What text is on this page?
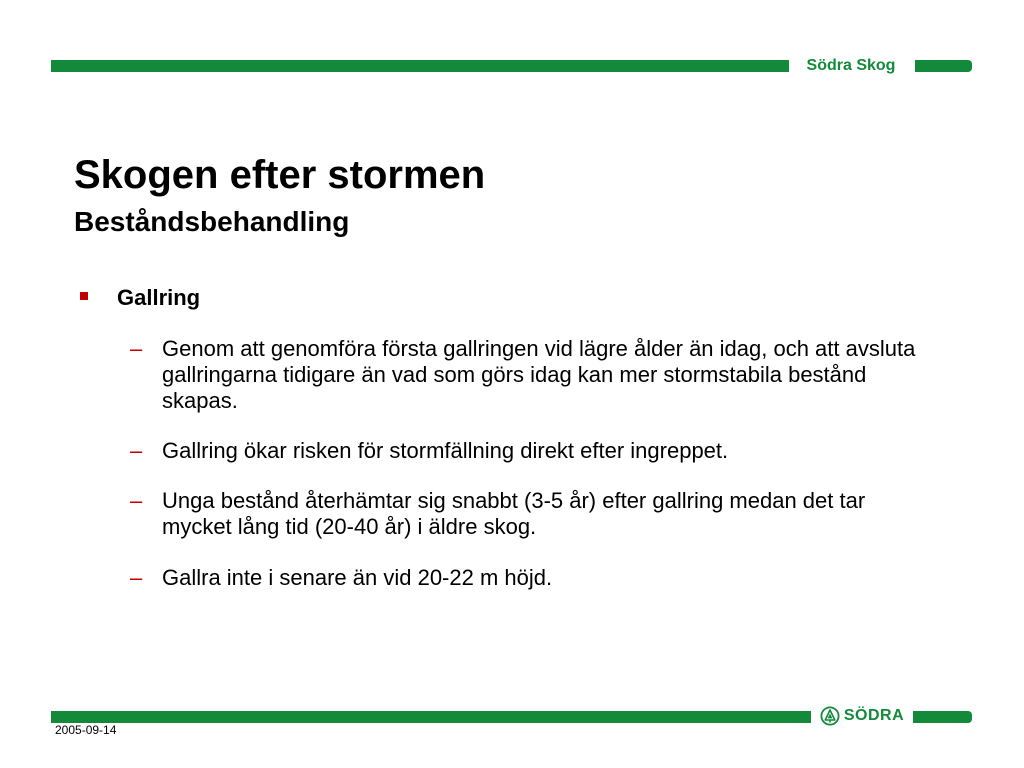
Södra Skog
Skogen efter stormen
Beståndsbehandling
Gallring
– Genom att genomföra första gallringen vid lägre ålder än idag, och att avsluta gallringarna tidigare än vad som görs idag kan mer stormstabila bestånd skapas.
– Gallring ökar risken för stormfällning direkt efter ingreppet.
– Unga bestånd återhämtar sig snabbt (3-5 år) efter gallring medan det tar mycket lång tid (20-40 år) i äldre skog.
– Gallra inte i senare än vid 20-22 m höjd.
SÖDRA
2005-09-14
